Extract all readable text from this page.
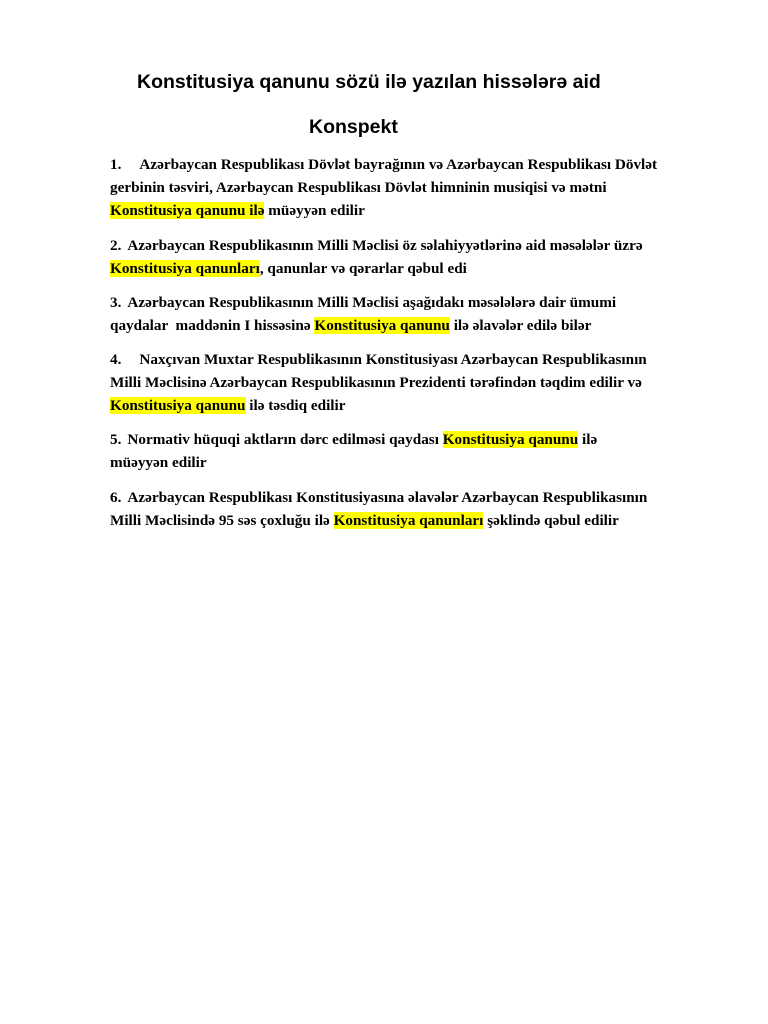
Konstitusiya qanunu sözü ilə yazılan hissələrə aid
Konspekt
1. Azərbaycan Respublikası Dövlət bayrağının və Azərbaycan Respublikası Dövlət
gerbinin təsviri, Azərbaycan Respublikası Dövlət himninin musiqisi və mətni
Konstitusiya qanunu ilə müəyyən edilir
2. Azərbaycan Respublikasının Milli Məclisi öz səlahiyyətlərinə aid məsələlər üzrə
Konstitusiya qanunları, qanunlar və qərarlar qəbul edi
3. Azərbaycan Respublikasının Milli Məclisi aşağıdakı məsələlərə dair ümumi
qaydalar  maddənin I hissəsinə Konstitusiya qanunu ilə əlavələr edilə bilər
4. Naxçıvan Muxtar Respublikasının Konstitusiyası Azərbaycan Respublikasının
Milli Məclisinə Azərbaycan Respublikasının Prezidenti tərəfindən təqdim edilir və
Konstitusiya qanunu ilə təsdiq edilir
5. Normativ hüquqi aktların dərc edilməsi qaydası Konstitusiya qanunu ilə
müəyyən edilir
6. Azərbaycan Respublikası Konstitusiyasına əlavələr Azərbaycan Respublikasının
Milli Məclisində 95 səs çoxluğu ilə Konstitusiya qanunları şəklində qəbul edilir
